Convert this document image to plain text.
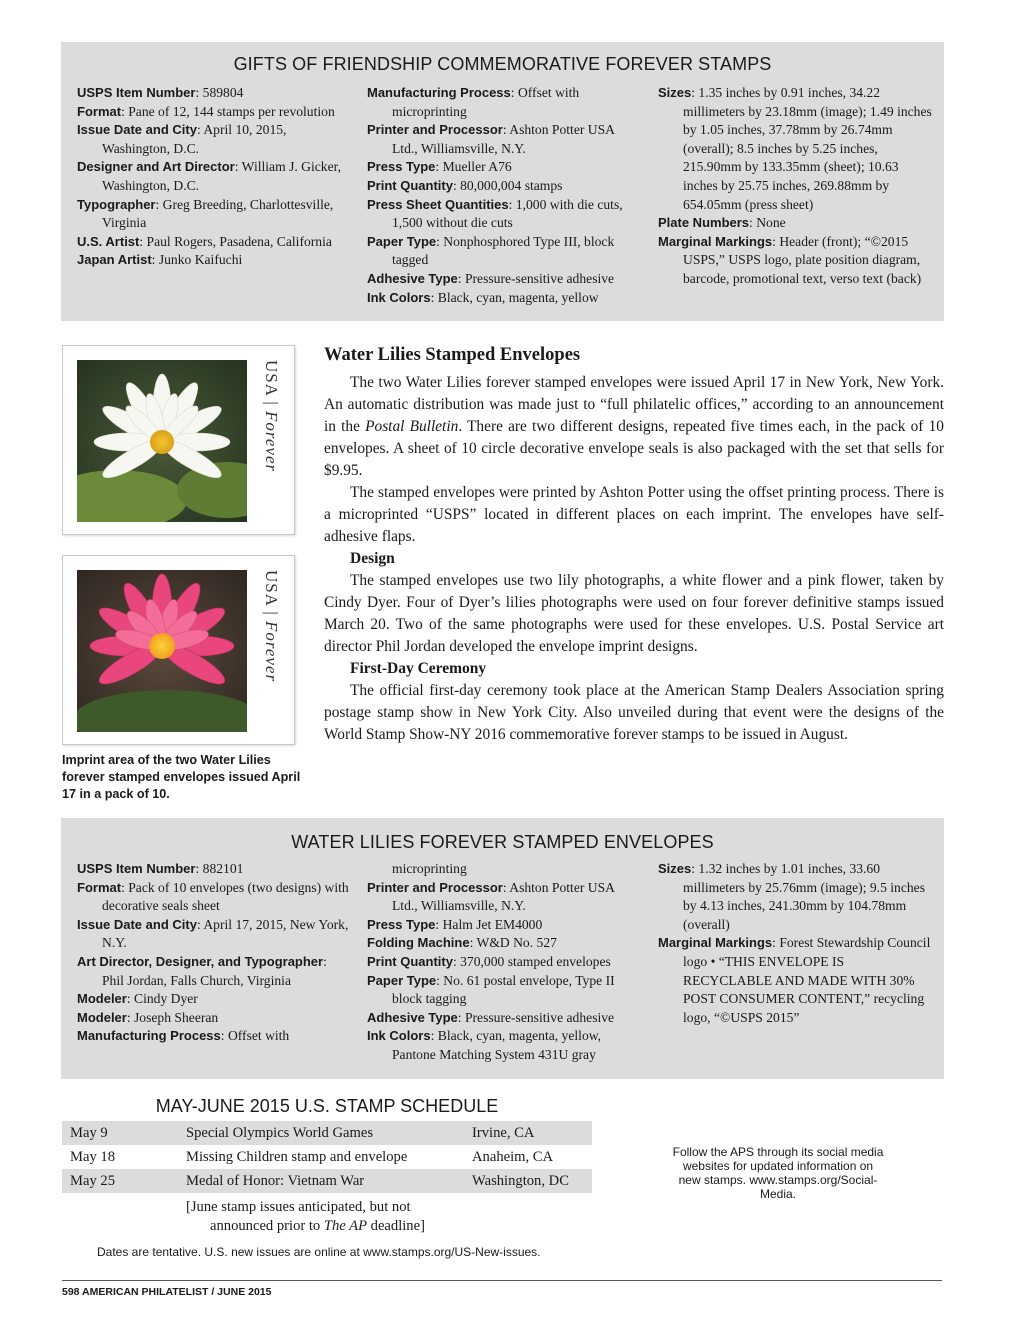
GIFTS OF FRIENDSHIP COMMEMORATIVE FOREVER STAMPS
USPS Item Number: 589804
Format: Pane of 12, 144 stamps per revolution
Issue Date and City: April 10, 2015, Washington, D.C.
Designer and Art Director: William J. Gicker, Washington, D.C.
Typographer: Greg Breeding, Charlottesville, Virginia
U.S. Artist: Paul Rogers, Pasadena, California
Japan Artist: Junko Kaifuchi
Manufacturing Process: Offset with microprinting
Printer and Processor: Ashton Potter USA Ltd., Williamsville, N.Y.
Press Type: Mueller A76
Print Quantity: 80,000,004 stamps
Press Sheet Quantities: 1,000 with die cuts, 1,500 without die cuts
Paper Type: Nonphosphored Type III, block tagged
Adhesive Type: Pressure-sensitive adhesive
Ink Colors: Black, cyan, magenta, yellow
Sizes: 1.35 inches by 0.91 inches, 34.22 millimeters by 23.18mm (image); 1.49 inches by 1.05 inches, 37.78mm by 26.74mm (overall); 8.5 inches by 5.25 inches, 215.90mm by 133.35mm (sheet); 10.63 inches by 25.75 inches, 269.88mm by 654.05mm (press sheet)
Plate Numbers: None
Marginal Markings: Header (front); “©2015 USPS,” USPS logo, plate position diagram, barcode, promotional text, verso text (back)
USA | Forever
USA | Forever
Imprint area of the two Water Lilies forever stamped envelopes issued April 17 in a pack of 10.
Water Lilies Stamped Envelopes

The two Water Lilies forever stamped envelopes were issued April 17 in New York, New York. An automatic distribution was made just to “full philatelic offices,” according to an announcement in the Postal Bulletin. There are two different designs, repeated five times each, in the pack of 10 envelopes. A sheet of 10 circle decorative envelope seals is also packaged with the set that sells for $9.95.

The stamped envelopes were printed by Ashton Potter using the offset printing process. There is a microprinted “USPS” located in different places on each imprint. The envelopes have self-adhesive flaps.

Design

The stamped envelopes use two lily photographs, a white flower and a pink flower, taken by Cindy Dyer. Four of Dyer’s lilies photographs were used on four forever definitive stamps issued March 20. Two of the same photographs were used for these envelopes. U.S. Postal Service art director Phil Jordan developed the envelope imprint designs.

First-Day Ceremony

The official first-day ceremony took place at the American Stamp Dealers Association spring postage stamp show in New York City. Also unveiled during that event were the designs of the World Stamp Show-NY 2016 commemorative forever stamps to be issued in August.

WATER LILIES FOREVER STAMPED ENVELOPES
USPS Item Number: 882101
Format: Pack of 10 envelopes (two designs) with decorative seals sheet
Issue Date and City: April 17, 2015, New York, N.Y.
Art Director, Designer, and Typographer: Phil Jordan, Falls Church, Virginia
Modeler: Cindy Dyer
Modeler: Joseph Sheeran
Manufacturing Process: Offset with
microprinting
Printer and Processor: Ashton Potter USA Ltd., Williamsville, N.Y.
Press Type: Halm Jet EM4000
Folding Machine: W&D No. 527
Print Quantity: 370,000 stamped envelopes
Paper Type: No. 61 postal envelope, Type II block tagging
Adhesive Type: Pressure-sensitive adhesive
Ink Colors: Black, cyan, magenta, yellow, Pantone Matching System 431U gray
Sizes: 1.32 inches by 1.01 inches, 33.60 millimeters by 25.76mm (image); 9.5 inches by 4.13 inches, 241.30mm by 104.78mm (overall)
Marginal Markings: Forest Stewardship Council logo • “THIS ENVELOPE IS RECYCLABLE AND MADE WITH 30% POST CONSUMER CONTENT,” recycling logo, “©USPS 2015”
MAY-JUNE 2015 U.S. STAMP SCHEDULE
May 9	Special Olympics World Games	Irvine, CA
May 18	Missing Children stamp and envelope	Anaheim, CA
May 25	Medal of Honor: Vietnam War	Washington, DC
[June stamp issues anticipated, but not
announced prior to The AP deadline]
Dates are tentative. U.S. new issues are online at www.stamps.org/US-New-issues.
Follow the APS through its social media websites for updated information on new stamps. www.stamps.org/Social-Media.
598 AMERICAN PHILATELIST / JUNE 2015
